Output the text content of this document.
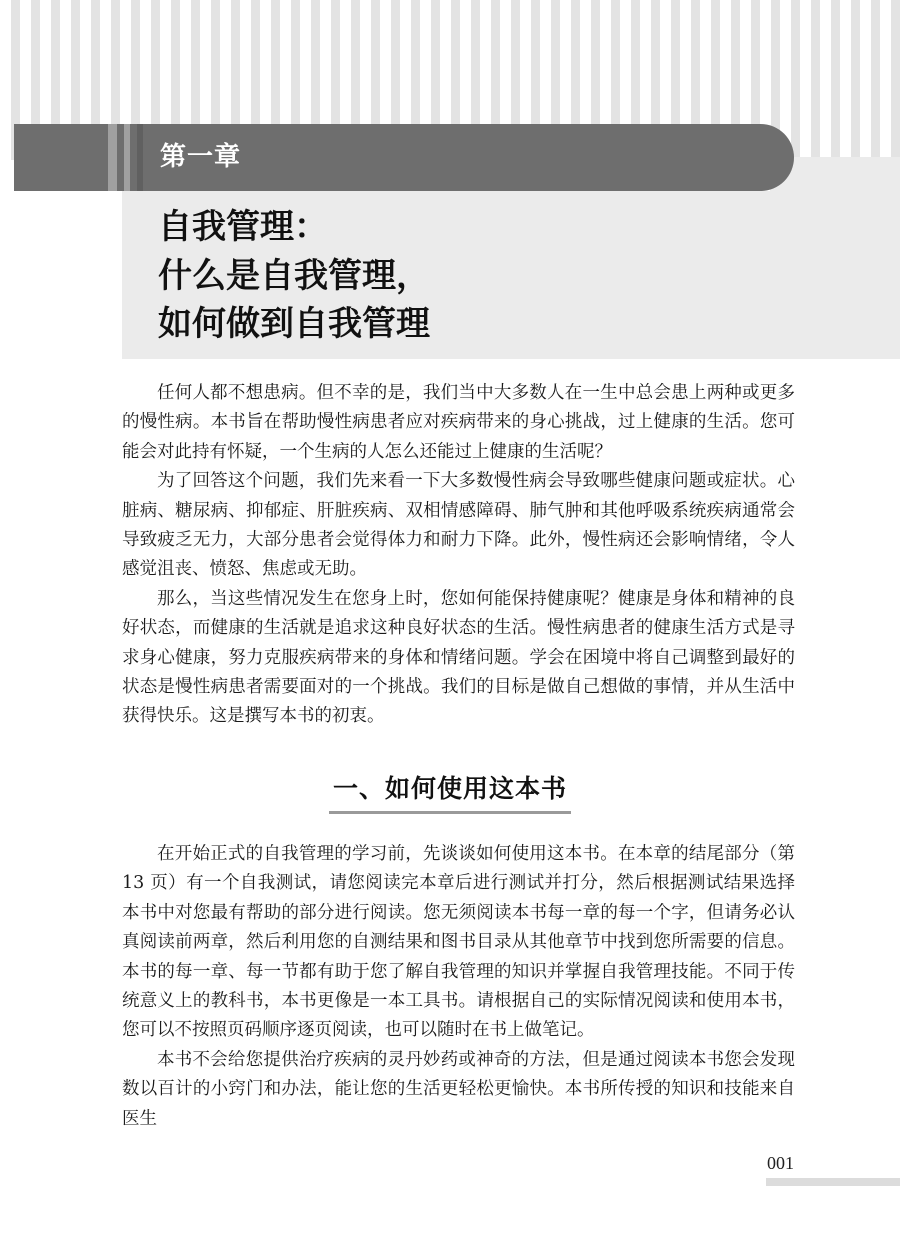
第一章
自我管理：
什么是自我管理，
如何做到自我管理

任何人都不想患病。但不幸的是，我们当中大多数人在一生中总会患上两种或更多的慢性病。本书旨在帮助慢性病患者应对疾病带来的身心挑战，过上健康的生活。您可能会对此持有怀疑，一个生病的人怎么还能过上健康的生活呢？

为了回答这个问题，我们先来看一下大多数慢性病会导致哪些健康问题或症状。心脏病、糖尿病、抑郁症、肝脏疾病、双相情感障碍、肺气肿和其他呼吸系统疾病通常会导致疲乏无力，大部分患者会觉得体力和耐力下降。此外，慢性病还会影响情绪，令人感觉沮丧、愤怒、焦虑或无助。

那么，当这些情况发生在您身上时，您如何能保持健康呢？健康是身体和精神的良好状态，而健康的生活就是追求这种良好状态的生活。慢性病患者的健康生活方式是寻求身心健康，努力克服疾病带来的身体和情绪问题。学会在困境中将自己调整到最好的状态是慢性病患者需要面对的一个挑战。我们的目标是做自己想做的事情，并从生活中获得快乐。这是撰写本书的初衷。

一、如何使用这本书

在开始正式的自我管理的学习前，先谈谈如何使用这本书。在本章的结尾部分（第 13 页）有一个自我测试，请您阅读完本章后进行测试并打分，然后根据测试结果选择本书中对您最有帮助的部分进行阅读。您无须阅读本书每一章的每一个字，但请务必认真阅读前两章，然后利用您的自测结果和图书目录从其他章节中找到您所需要的信息。本书的每一章、每一节都有助于您了解自我管理的知识并掌握自我管理技能。不同于传统意义上的教科书，本书更像是一本工具书。请根据自己的实际情况阅读和使用本书，您可以不按照页码顺序逐页阅读，也可以随时在书上做笔记。

本书不会给您提供治疗疾病的灵丹妙药或神奇的方法，但是通过阅读本书您会发现数以百计的小窍门和办法，能让您的生活更轻松更愉快。本书所传授的知识和技能来自医生

001
